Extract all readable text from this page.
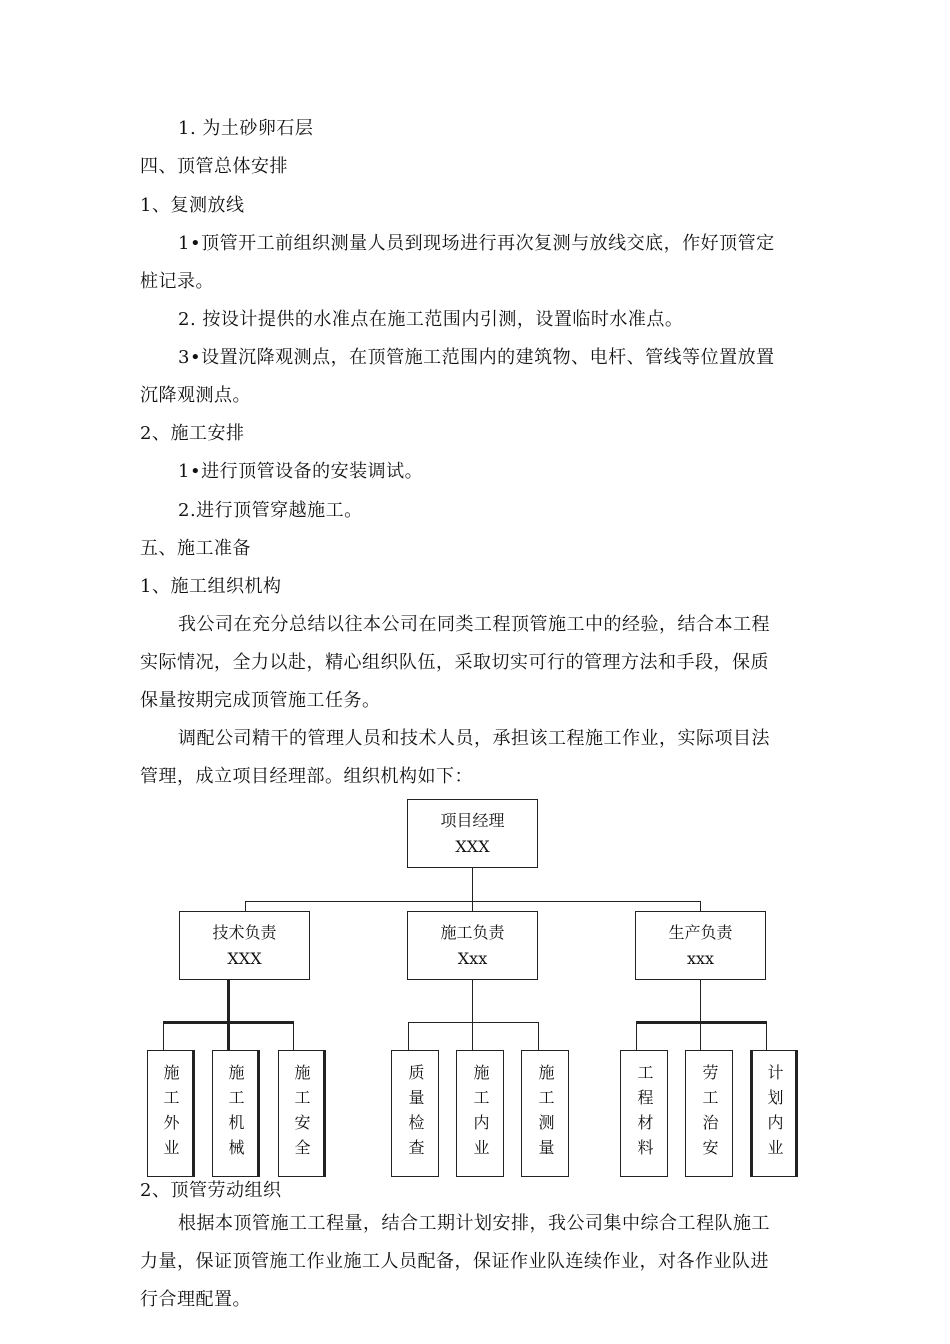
1. 为土砂卵石层
四、顶管总体安排
1、复测放线
1•顶管开工前组织测量人员到现场进行再次复测与放线交底，作好顶管定
桩记录。
2. 按设计提供的水准点在施工范围内引测，设置临时水准点。
3•设置沉降观测点，在顶管施工范围内的建筑物、电杆、管线等位置放置
沉降观测点。
2、施工安排
1•进行顶管设备的安装调试。
2.进行顶管穿越施工。
五、施工准备
1、施工组织机构
我公司在充分总结以往本公司在同类工程顶管施工中的经验，结合本工程
实际情况，全力以赴，精心组织队伍，采取切实可行的管理方法和手段，保质
保量按期完成顶管施工任务。
调配公司精干的管理人员和技术人员，承担该工程施工作业，实际项目法
管理，成立项目经理部。组织机构如下：
项目经理
XXX
技术负责
XXX
施工负责
Xxx
生产负责
xxx
施工外业	施工机械	施工安全	质量检查	施工内业	施工测量	工程材料	劳工治安	计划内业
2、顶管劳动组织
根据本顶管施工工程量，结合工期计划安排，我公司集中综合工程队施工
力量，保证顶管施工作业施工人员配备，保证作业队连续作业，对各作业队进
行合理配置。
